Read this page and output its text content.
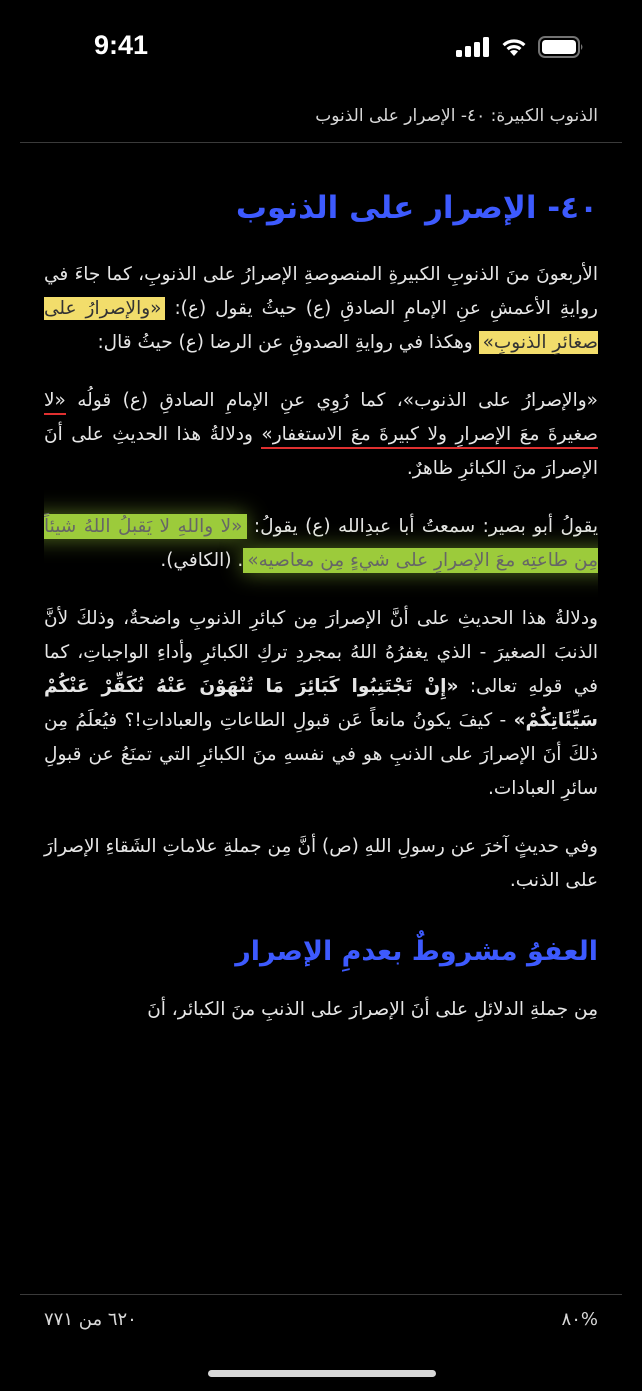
9:41
الذنوب الكبيرة: ٤٠- الإصرار على الذنوب
٤٠- الإصرار على الذنوب

الأربعونَ منَ الذنوبِ الكبيرةِ المنصوصةِ الإصرارُ على الذنوبِ، كما جاءَ في روايةِ الأعمشِ عنِ الإمامِ الصادقِ (ع) حيثُ يقول (ع): «والإصرارُ على صغائرِ الذنوبِ» وهكذا في روايةِ الصدوقِ عن الرضا (ع) حيثُ قال:

«والإصرارُ على الذنوب»، كما رُوِي عنِ الإمامِ الصادقِ (ع) قولُه «لا صغيرةَ معَ الإصرارِ ولا كبيرةَ معَ الاستغفار» ودلالةُ هذا الحديثِ على أنَ الإصرارَ منَ الكبائرِ ظاهرٌ.

يقولُ أبو بصير: سمعتُ أبا عبدِالله (ع) يقولُ: «لا واللهِ لا يَقبلُ اللهُ شيئاً مِن طاعتِه معَ الإصرارِ على شيءٍ مِن معاصيه». (الكافي).

ودلالةُ هذا الحديثِ على أنَّ الإصرارَ مِن كبائرِ الذنوبِ واضحةٌ، وذلكَ لأنَّ الذنبَ الصغيرَ - الذي يغفرُهُ اللهُ بمجردِ تركِ الكبائرِ وأداءِ الواجباتِ، كما في قولهِ تعالى: «إِنْ تَجْتَنِبُوا كَبَائِرَ مَا تُنْهَوْنَ عَنْهُ نُكَفِّرْ عَنْكُمْ سَيِّئَاتِكُمْ» - كيفَ يكونُ مانعاً عَن قبولِ الطاعاتِ والعباداتِ!؟ فيُعلَمُ مِن ذلكَ أنَ الإصرارَ على الذنبِ هو في نفسهِ منَ الكبائرِ التي تمنَعُ عن قبولِ سائرِ العبادات.

وفي حديثٍ آخرَ عن رسولِ اللهِ (ص) أنَّ مِن جملةِ علاماتِ الشَقاءِ الإصرارَ على الذنب.

العفوُ مشروطٌ بعدمِ الإصرار

مِن جملةِ الدلائلِ على أنَ الإصرارَ على الذنبِ منَ الكبائر، أنَ

٨٠%
٦٢٠ من ٧٧١
